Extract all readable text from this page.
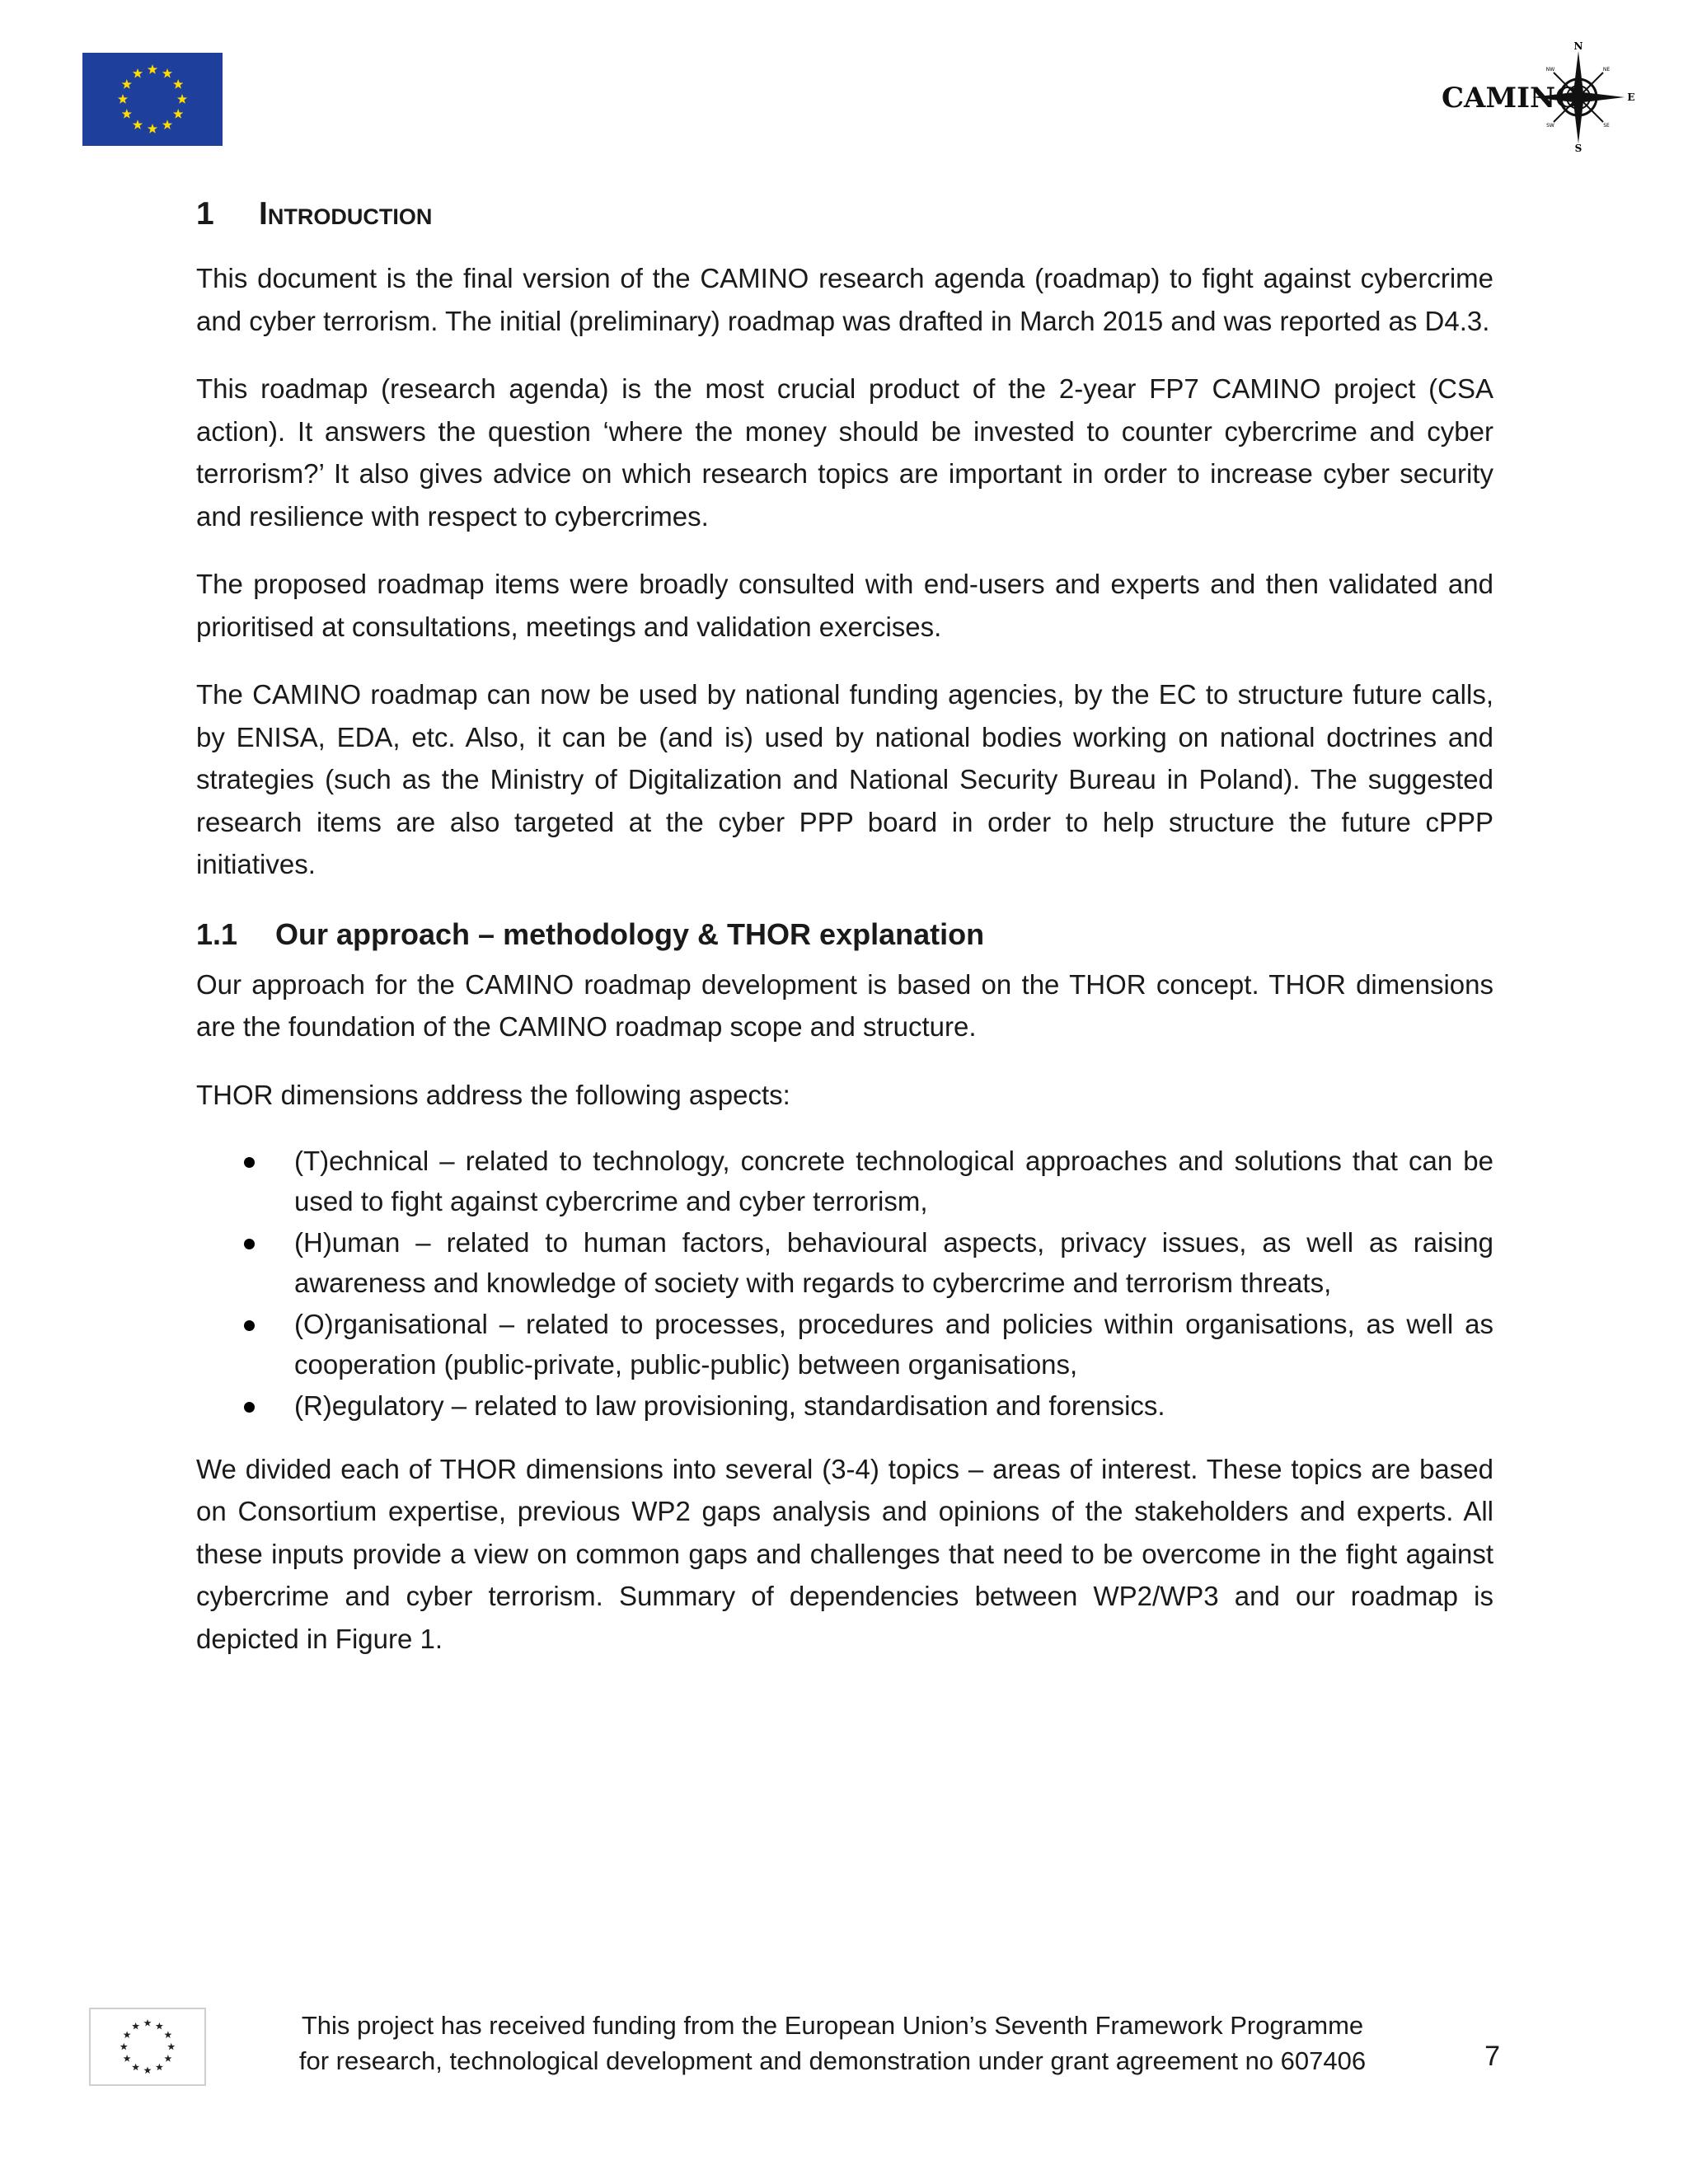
N
E
S
NW	NE
SW	SE
CAMINO
1	Introduction

This document is the final version of the CAMINO research agenda (roadmap) to fight against cybercrime and cyber terrorism. The initial (preliminary) roadmap was drafted in March 2015 and was reported as D4.3.

This roadmap (research agenda) is the most crucial product of the 2-year FP7 CAMINO project (CSA action). It answers the question ‘where the money should be invested to counter cybercrime and cyber terrorism?’ It also gives advice on which research topics are important in order to increase cyber security and resilience with respect to cybercrimes.

The proposed roadmap items were broadly consulted with end-users and experts and then validated and prioritised at consultations, meetings and validation exercises.

The CAMINO roadmap can now be used by national funding agencies, by the EC to structure future calls, by ENISA, EDA, etc. Also, it can be (and is) used by national bodies working on national doctrines and strategies (such as the Ministry of Digitalization and National Security Bureau in Poland). The suggested research items are also targeted at the cyber PPP board in order to help structure the future cPPP initiatives.

1.1	Our approach – methodology & THOR explanation

Our approach for the CAMINO roadmap development is based on the THOR concept. THOR dimensions are the foundation of the CAMINO roadmap scope and structure.

THOR dimensions address the following aspects:

(T)echnical – related to technology, concrete technological approaches and solutions that can be used to fight against cybercrime and cyber terrorism,
(H)uman – related to human factors, behavioural aspects, privacy issues, as well as raising awareness and knowledge of society with regards to cybercrime and terrorism threats,
(O)rganisational – related to processes, procedures and policies within organisations, as well as cooperation (public-private, public-public) between organisations,
(R)egulatory – related to law provisioning, standardisation and forensics.

We divided each of THOR dimensions into several (3-4) topics – areas of interest. These topics are based on Consortium expertise, previous WP2 gaps analysis and opinions of the stakeholders and experts. All these inputs provide a view on common gaps and challenges that need to be overcome in the fight against cybercrime and cyber terrorism. Summary of dependencies between WP2/WP3 and our roadmap is depicted in Figure 1.

This project has received funding from the European Union’s Seventh Framework Programme
for research, technological development and demonstration under grant agreement no 607406	7
